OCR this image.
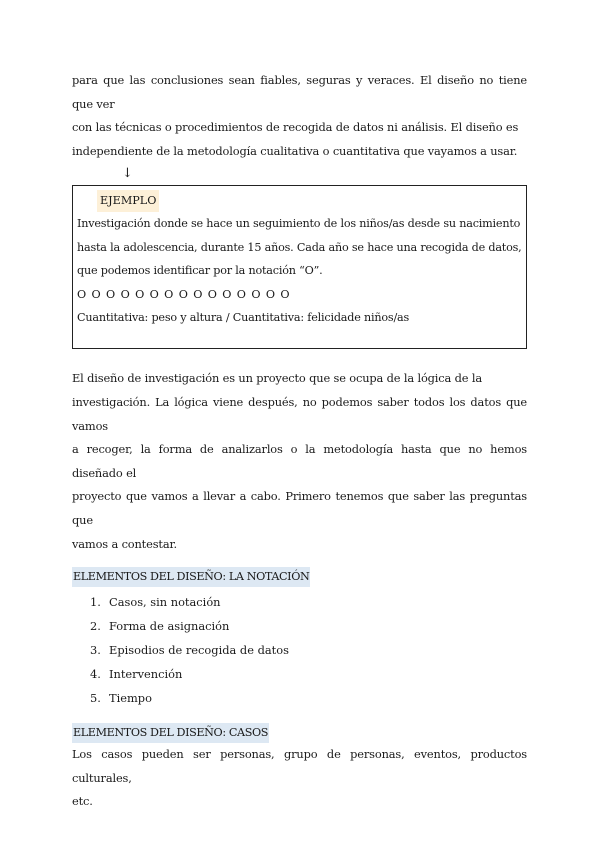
para que las conclusiones sean fiables, seguras y veraces. El diseño no tiene que ver

con las técnicas o procedimientos de recogida de datos ni análisis. El diseño es

independiente de la metodología cualitativa o cuantitativa que vayamos a usar.

↓

EJEMPLO

Investigación donde se hace un seguimiento de los niños/as desde su nacimiento

hasta la adolescencia, durante 15 años. Cada año se hace una recogida de datos,

que podemos identificar por la notación “O”.

O O O O O O O O O O O O O O O

Cuantitativa: peso y altura / Cuantitativa: felicidade niños/as

El diseño de investigación es un proyecto que se ocupa de la lógica de la

investigación. La lógica viene después, no podemos saber todos los datos que vamos

a recoger, la forma de analizarlos o la metodología hasta que no hemos diseñado el

proyecto que vamos a llevar a cabo. Primero tenemos que saber las preguntas que

vamos a contestar.

ELEMENTOS DEL DISEÑO: LA NOTACIÓN
1. Casos, sin notación
2. Forma de asignación
3. Episodios de recogida de datos
4. Intervención
5. Tiempo
ELEMENTOS DEL DISEÑO: CASOS

Los casos pueden ser personas, grupo de personas, eventos, productos culturales,

etc.
